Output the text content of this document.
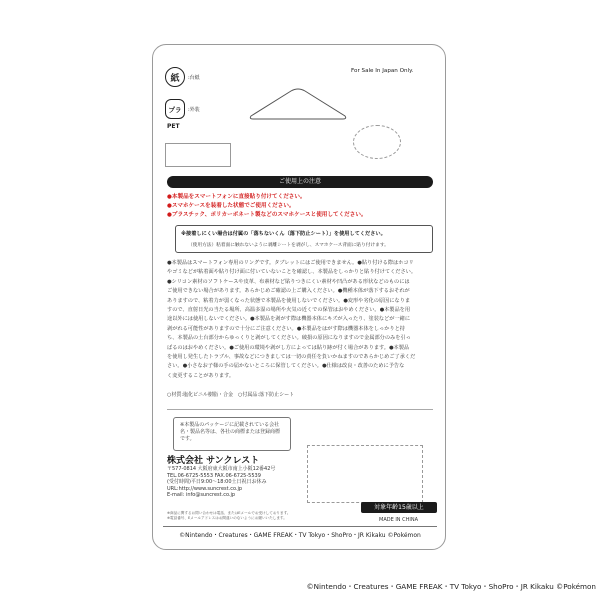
紙 :台紙
プラ :外装
PET
For Sale In Japan Only.
ご使用上の注意
●本製品をスマートフォンに直接貼り付けてください。
●スマホケースを装着した状態でご使用ください。
●プラスチック、ポリカーボネート製などのスマホケースと使用してください。
※接着しにくい場合は付属の「落ちないくん（落下防止シート）」を使用してください。
（使用方法）粘着面に触れないように剥離シートを剥がし、スマホケース背面に貼り付けます。
●本製品はスマートフォン専用のリングです。タブレットにはご使用できません。●貼り付ける際はホコリ
やゴミなどが粘着面や貼り付け面に付いていないことを確認し、本製品をしっかりと貼り付けてください。
●シリコン素材のソフトケースや皮革、布素材など貼りつきにくい素材や凹凸がある形状などのものには
ご使用できない場合があります。あらかじめご確認の上ご購入ください。●機種本体が落下するおそれが
ありますので、粘着力が弱くなった状態で本製品を使用しないでください。●変形や劣化の原因になりま
すので、直射日光の当たる場所、高温多湿の場所や火気の近くでの保管はおやめください。●本製品を用
途以外には使用しないでください。●本製品を剥がす際は機器本体にキズが入ったり、塗装などが一緒に
剥がれる可能性がありますので十分にご注意ください。●本製品をはがす際は機器本体をしっかりと持
ち、本製品の土台部分からゆっくりと剥がしてください。破損の原因になりますので金属部分のみを引っ
ぱるのはおやめください。●ご使用の環境や剥がし方によっては貼り跡が付く場合があります。●本製品
を使用し発生したトラブル、事故などにつきましては一切の責任を負いかねますのであらかじめご了承くだ
さい。●小さなお子様の手の届かないところに保管してください。●仕様は改良・改善のために予告な
く変更することがあります。
○材質:塩化ビニル樹脂・合金　○付属品:落下防止シート
※本製品のパッケージに記載されている会社名・製品名等は、各社の商標または登録商標です。
株式会社 サンクレスト
〒577-0814 大阪府東大阪市南上小阪12番42号
TEL.06-6725-5553 FAX.06-6725-5539
(受付時間)平日9:00～18:00土日祝日お休み
URL:http://www.suncrest.co.jp
E-mail: info@suncrest.co.jp
※商品に関するお問い合わせは電話、またはEメールでお受けしております。
※電話番号、Eメールアドレスはお間違いのないようにお願いいたします。
対象年齢15歳以上
MADE IN CHINA
©Nintendo・Creatures・GAME FREAK・TV Tokyo・ShoPro・JR Kikaku ©Pokémon
©Nintendo・Creatures・GAME FREAK・TV Tokyo・ShoPro・JR Kikaku ©Pokémon
